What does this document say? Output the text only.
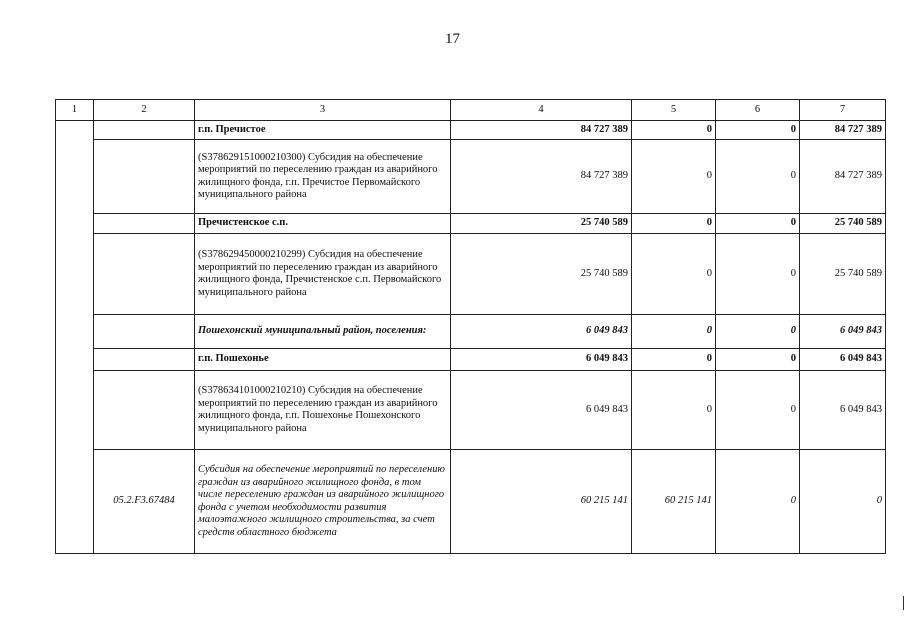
17
1	2	3	4	5	6	7
		г.п. Пречистое	84 727 389	0	0	84 727 389
		(S378629151000210300) Субсидия на обеспечение мероприятий по переселению граждан из аварийного жилищного фонда, г.п. Пречистое Первомайского муниципального района	84 727 389	0	0	84 727 389
		Пречистенское с.п.	25 740 589	0	0	25 740 589
		(S378629450000210299) Субсидия на обеспечение мероприятий по переселению граждан из аварийного жилищного фонда, Пречистенское с.п. Первомайского муниципального района	25 740 589	0	0	25 740 589
		Пошехонский муниципальный район, поселения:	6 049 843	0	0	6 049 843
		г.п. Пошехонье	6 049 843	0	0	6 049 843
		(S378634101000210210) Субсидия на обеспечение мероприятий по переселению граждан из аварийного жилищного фонда, г.п. Пошехонье Пошехонского муниципального района	6 049 843	0	0	6 049 843
	05.2.F3.67484	Субсидия на обеспечение мероприятий по переселению граждан из аварийного жилищного фонда, в том числе переселению граждан из аварийного жилищного фонда с учетом необходимости развития малоэтажного жилищного строительства, за счет средств областного бюджета	60 215 141	60 215 141	0	0
